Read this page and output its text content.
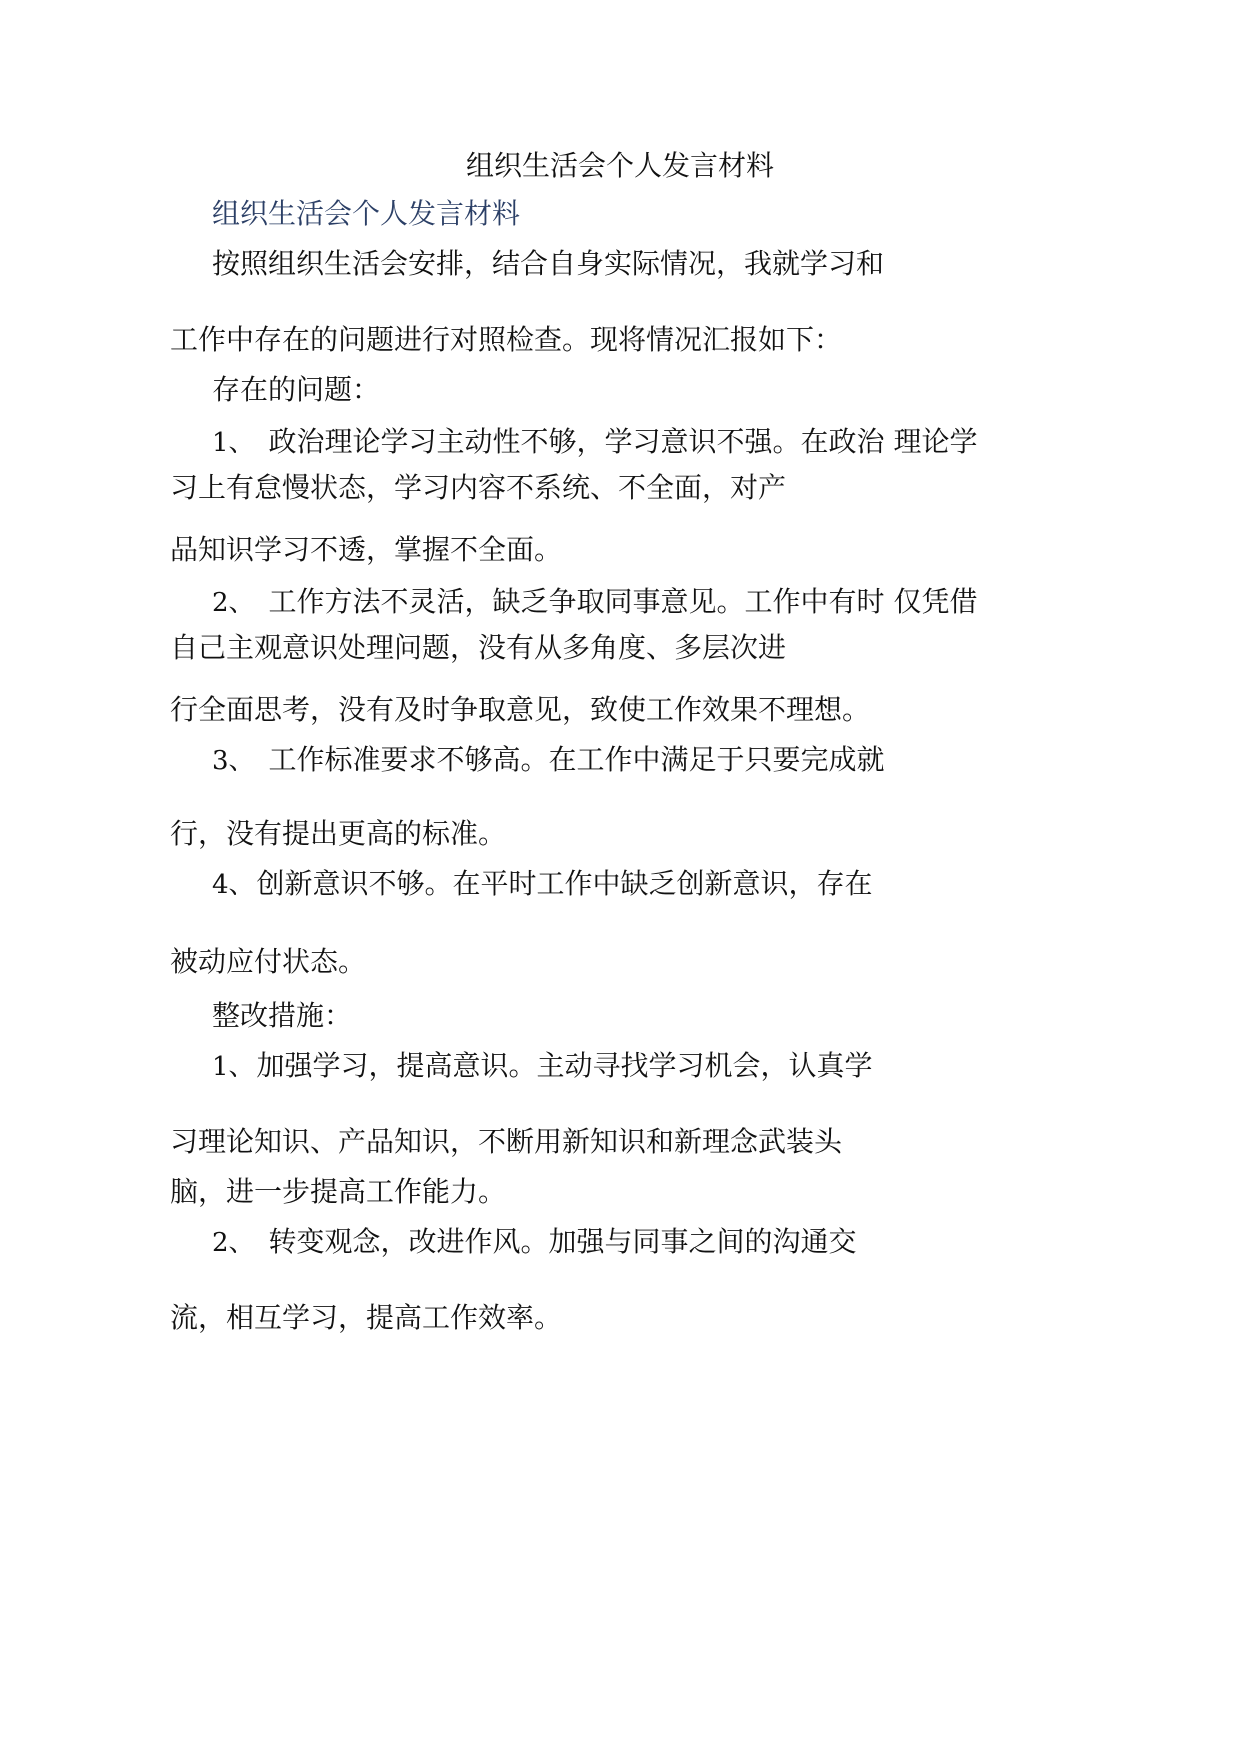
组织生活会个人发言材料
组织生活会个人发言材料
按照组织生活会安排，结合自身实际情况，我就学习和
工作中存在的问题进行对照检查。现将情况汇报如下：
存在的问题：
1、 政治理论学习主动性不够，学习意识不强。在政治 理论学
习上有怠慢状态，学习内容不系统、不全面，对产
品知识学习不透，掌握不全面。
2、 工作方法不灵活，缺乏争取同事意见。工作中有时 仅凭借
自己主观意识处理问题，没有从多角度、多层次进
行全面思考，没有及时争取意见，致使工作效果不理想。
3、 工作标准要求不够高。在工作中满足于只要完成就
行，没有提出更高的标准。
4、创新意识不够。在平时工作中缺乏创新意识，存在
被动应付状态。
整改措施：
1、加强学习，提高意识。主动寻找学习机会，认真学
习理论知识、产品知识，不断用新知识和新理念武装头
脑，进一步提高工作能力。
2、 转变观念，改进作风。加强与同事之间的沟通交
流，相互学习，提高工作效率。
